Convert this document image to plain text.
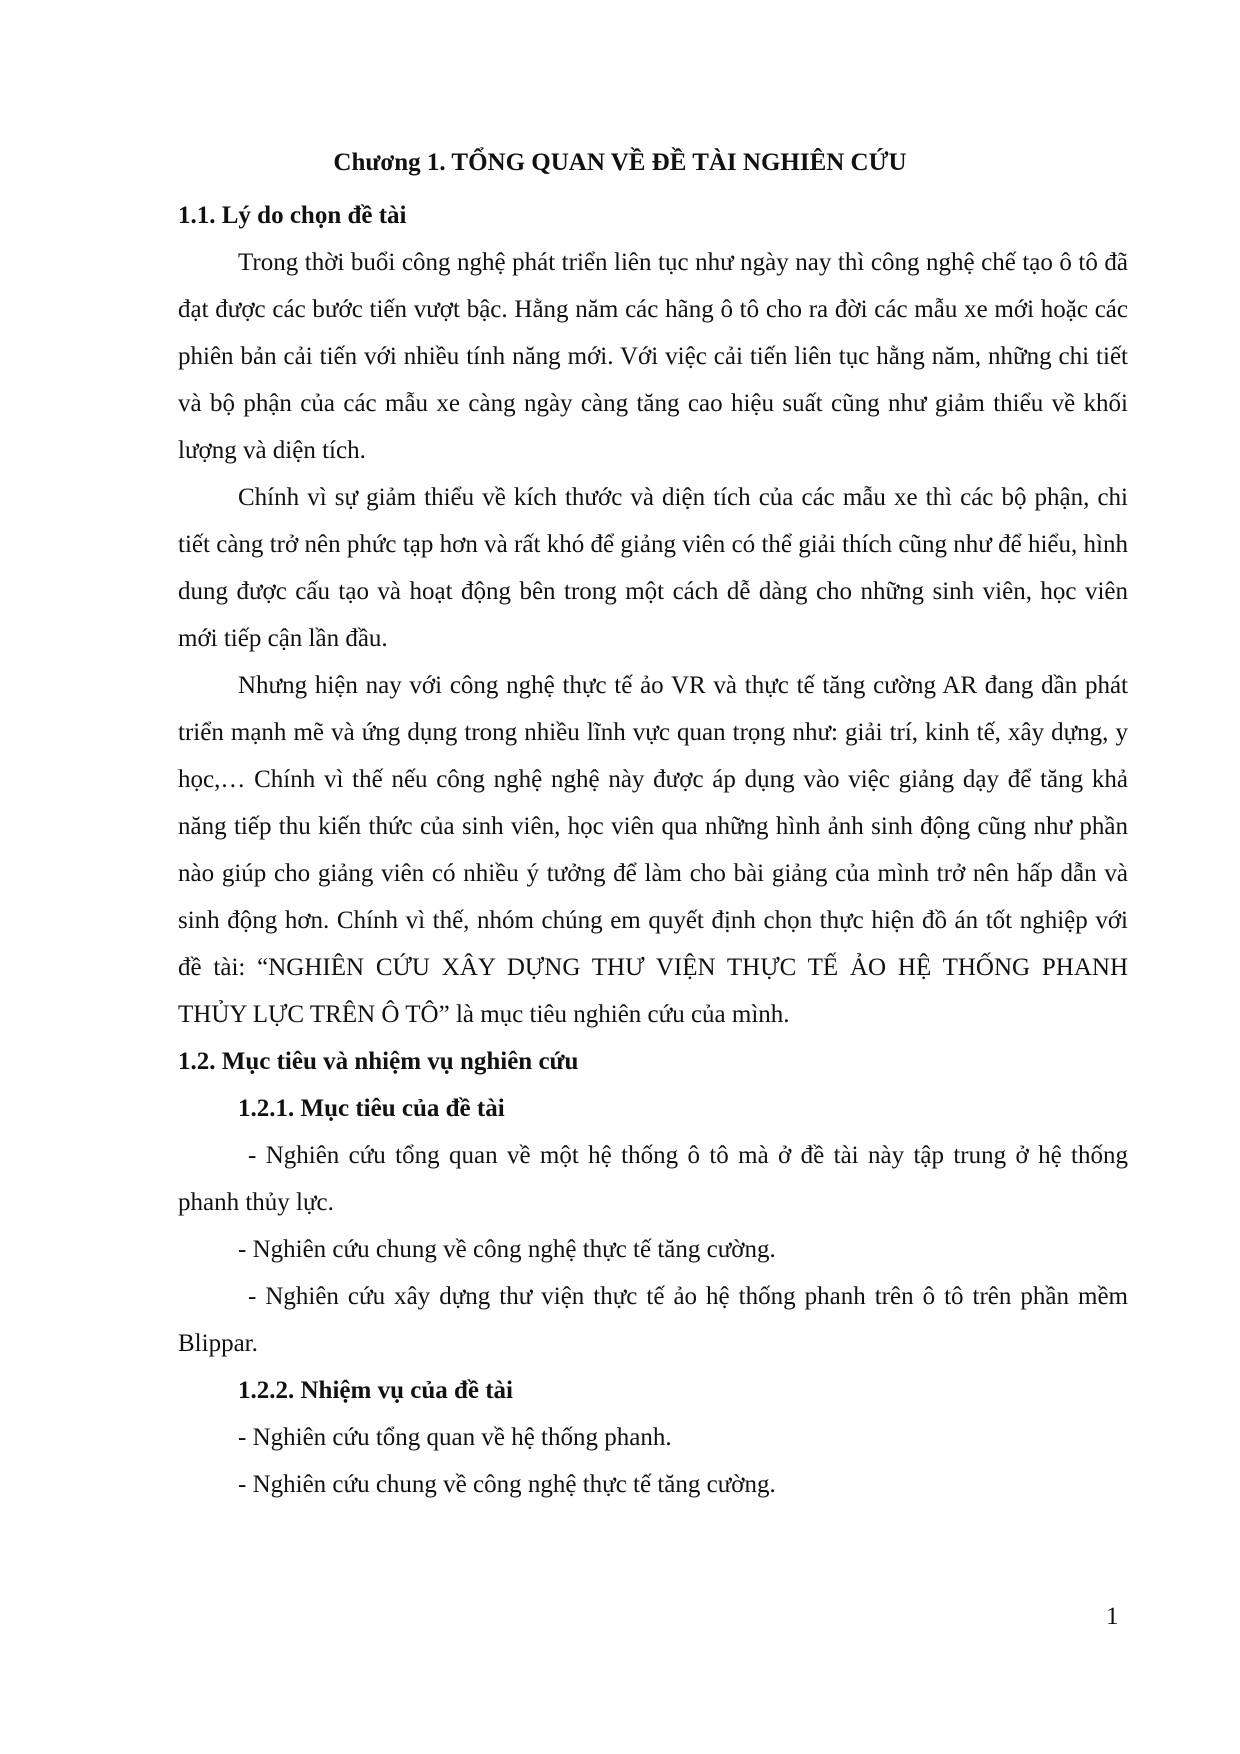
Chương 1. TỔNG QUAN VỀ ĐỀ TÀI NGHIÊN CỨU
1.1. Lý do chọn đề tài

Trong thời buổi công nghệ phát triển liên tục như ngày nay thì công nghệ chế tạo ô tô đã đạt được các bước tiến vượt bậc. Hằng năm các hãng ô tô cho ra đời các mẫu xe mới hoặc các phiên bản cải tiến với nhiều tính năng mới. Với việc cải tiến liên tục hằng năm, những chi tiết và bộ phận của các mẫu xe càng ngày càng tăng cao hiệu suất cũng như giảm thiểu về khối lượng và diện tích.

Chính vì sự giảm thiểu về kích thước và diện tích của các mẫu xe thì các bộ phận, chi tiết càng trở nên phức tạp hơn và rất khó để giảng viên có thể giải thích cũng như để hiểu, hình dung được cấu tạo và hoạt động bên trong một cách dễ dàng cho những sinh viên, học viên mới tiếp cận lần đầu.

Nhưng hiện nay với công nghệ thực tế ảo VR và thực tế tăng cường AR đang dần phát triển mạnh mẽ và ứng dụng trong nhiều lĩnh vực quan trọng như: giải trí, kinh tế, xây dựng, y học,… Chính vì thế nếu công nghệ nghệ này được áp dụng vào việc giảng dạy để tăng khả năng tiếp thu kiến thức của sinh viên, học viên qua những hình ảnh sinh động cũng như phần nào giúp cho giảng viên có nhiều ý tưởng để làm cho bài giảng của mình trở nên hấp dẫn và sinh động hơn. Chính vì thế, nhóm chúng em quyết định chọn thực hiện đồ án tốt nghiệp với đề tài: “NGHIÊN CỨU XÂY DỰNG THƯ VIỆN THỰC TẾ ẢO HỆ THỐNG PHANH THỦY LỰC TRÊN Ô TÔ” là mục tiêu nghiên cứu của mình.

1.2. Mục tiêu và nhiệm vụ nghiên cứu
1.2.1. Mục tiêu của đề tài

- Nghiên cứu tổng quan về một hệ thống ô tô mà ở đề tài này tập trung ở hệ thống phanh thủy lực.

- Nghiên cứu chung về công nghệ thực tế tăng cường.

- Nghiên cứu xây dựng thư viện thực tế ảo hệ thống phanh trên ô tô trên phần mềm Blippar.

1.2.2. Nhiệm vụ của đề tài

- Nghiên cứu tổng quan về hệ thống phanh.

- Nghiên cứu chung về công nghệ thực tế tăng cường.

1
